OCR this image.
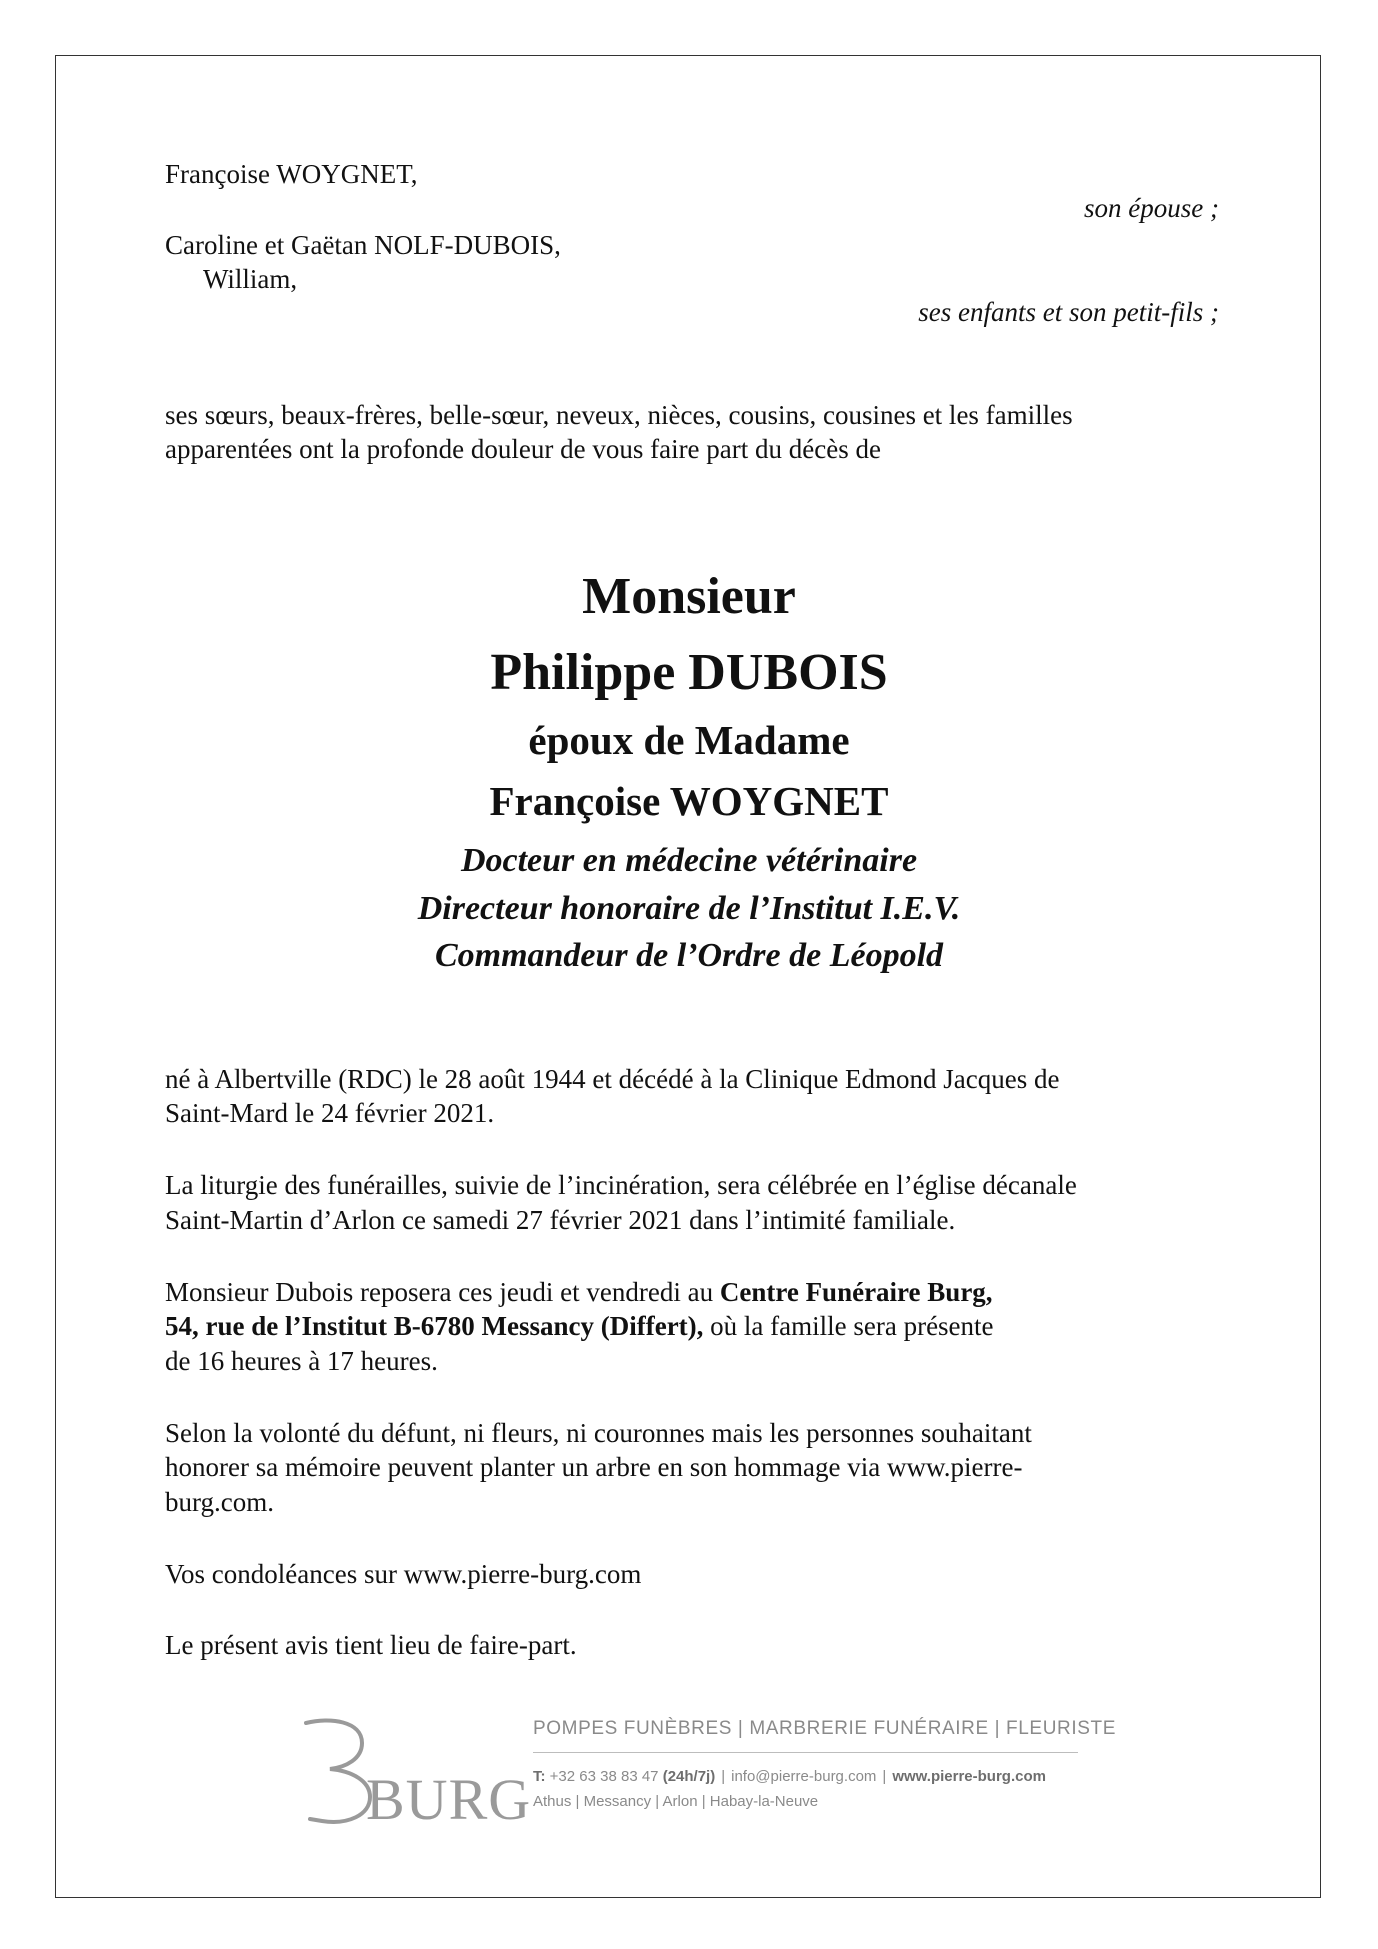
Françoise WOYGNET,
son épouse ;
Caroline et Gaëtan NOLF-DUBOIS,
William,
ses enfants et son petit-fils ;
ses sœurs, beaux-frères, belle-sœur, neveux, nièces, cousins, cousines et les familles
apparentées ont la profonde douleur de vous faire part du décès de
Monsieur
Philippe DUBOIS
époux de Madame
Françoise WOYGNET
Docteur en médecine vétérinaire
Directeur honoraire de l’Institut I.E.V.
Commandeur de l’Ordre de Léopold
né à Albertville (RDC) le 28 août 1944 et décédé à la Clinique Edmond Jacques de
Saint-Mard le 24 février 2021.
La liturgie des funérailles, suivie de l’incinération, sera célébrée en l’église décanale
Saint-Martin d’Arlon ce samedi 27 février 2021 dans l’intimité familiale.
Monsieur Dubois reposera ces jeudi et vendredi au Centre Funéraire Burg,
54, rue de l’Institut B-6780 Messancy (Differt), où la famille sera présente
de 16 heures à 17 heures.
Selon la volonté du défunt, ni fleurs, ni couronnes mais les personnes souhaitant
honorer sa mémoire peuvent planter un arbre en son hommage via www.pierre-
burg.com.
Vos condoléances sur www.pierre-burg.com
Le présent avis tient lieu de faire-part.
BURG
POMPES FUNÈBRES | MARBRERIE FUNÉRAIRE | FLEURISTE
T: +32 63 38 83 47 (24h/7j) | info@pierre-burg.com | www.pierre-burg.com
Athus | Messancy | Arlon | Habay-la-Neuve
